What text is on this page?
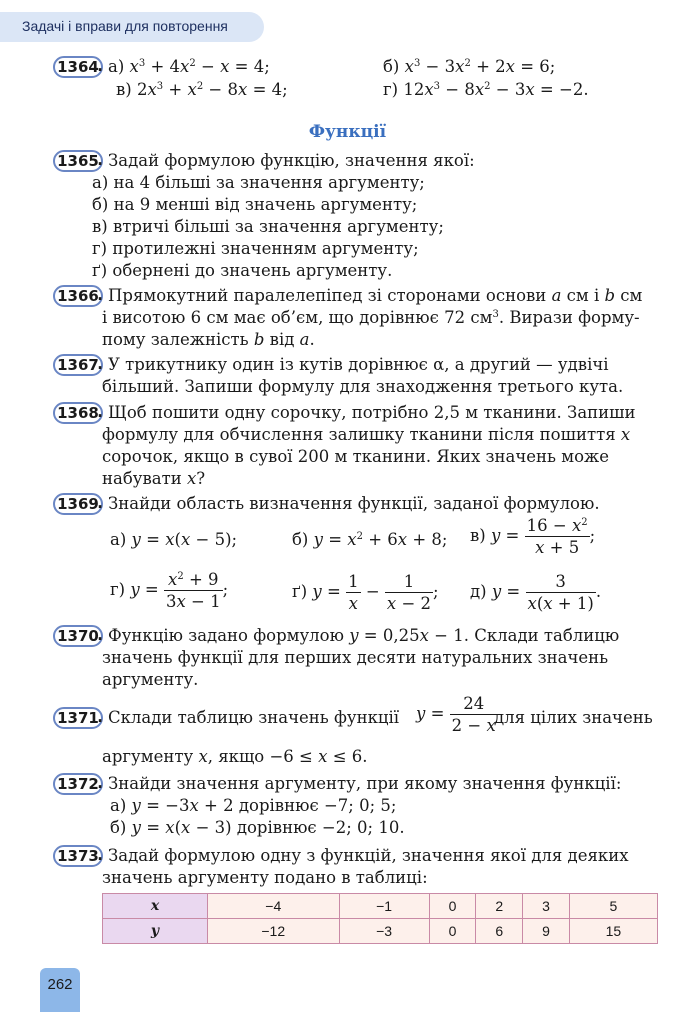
Задачі і вправи для повторення
1364 . а) $x^3 + 4x^2 - x = 4$;	б) $x^3 - 3x^2 + 2x = 6$;
в) $2x^3 + x^2 - 8x = 4$;	г) $12x^3 - 8x^2 - 3x = -2$.
Функції
1365 . Задай формулою функцію, значення якої:
а) на 4 більші за значення аргументу;
б) на 9 менші від значень аргументу;
в) втричі більші за значення аргументу;
г) протилежні значенням аргументу;
ґ) обернені до значень аргументу.
1366 . Прямокутний паралелепіпед зі сторонами основи a см і b см
і висотою 6 см має об’єм, що дорівнює 72 $см^3$. Вирази форму-
пому залежність b від a.
1367 . У трикутнику один із кутів дорівнює α, а другий — удвічі
більший. Запиши формулу для знаходження третього кута.
1368 . Щоб пошити одну сорочку, потрібно 2,5 м тканини. Запиши
формулу для обчислення залишку тканини після пошиття x
сорочок, якщо в сувої 200 м тканини. Яких значень може
набувати x?
1369 . Знайди область визначення функції, заданої формулою.
а) y = x(x − 5);	б) $y = x^2 + 6x + 8$; в) $y = \frac{16 - x^2}{x + 5}$ ;
г) $y = \frac{x^2 + 9}{3x - 1}$ ;	ґ) $y = \frac{1}{x} - \frac{1}{x - 2}$ ; д) $y = \frac{3}{x(x + 1)}$ .
1370 . Функцію задано формулою y = 0,25x − 1. Склади таблицю
значень функції для перших десяти натуральних значень
аргументу.
1371 . Склади таблицю значень функції $y = \frac{24}{2 - x}$
для цілих значень
аргументу x, якщо −6 ≤ x ≤ 6.
1372 . Знайди значення аргументу, при якому значення функції:
а) y = −3x + 2 дорівнює −7; 0; 5;
б) y = x(x − 3) дорівнює −2; 0; 10.
1373 . Задай формулою одну з функцій, значення якої для деяких
значень аргументу подано в таблиці:
x	−4	−1	0	2	3	5
y	−12	−3	0	6	9	15
262
